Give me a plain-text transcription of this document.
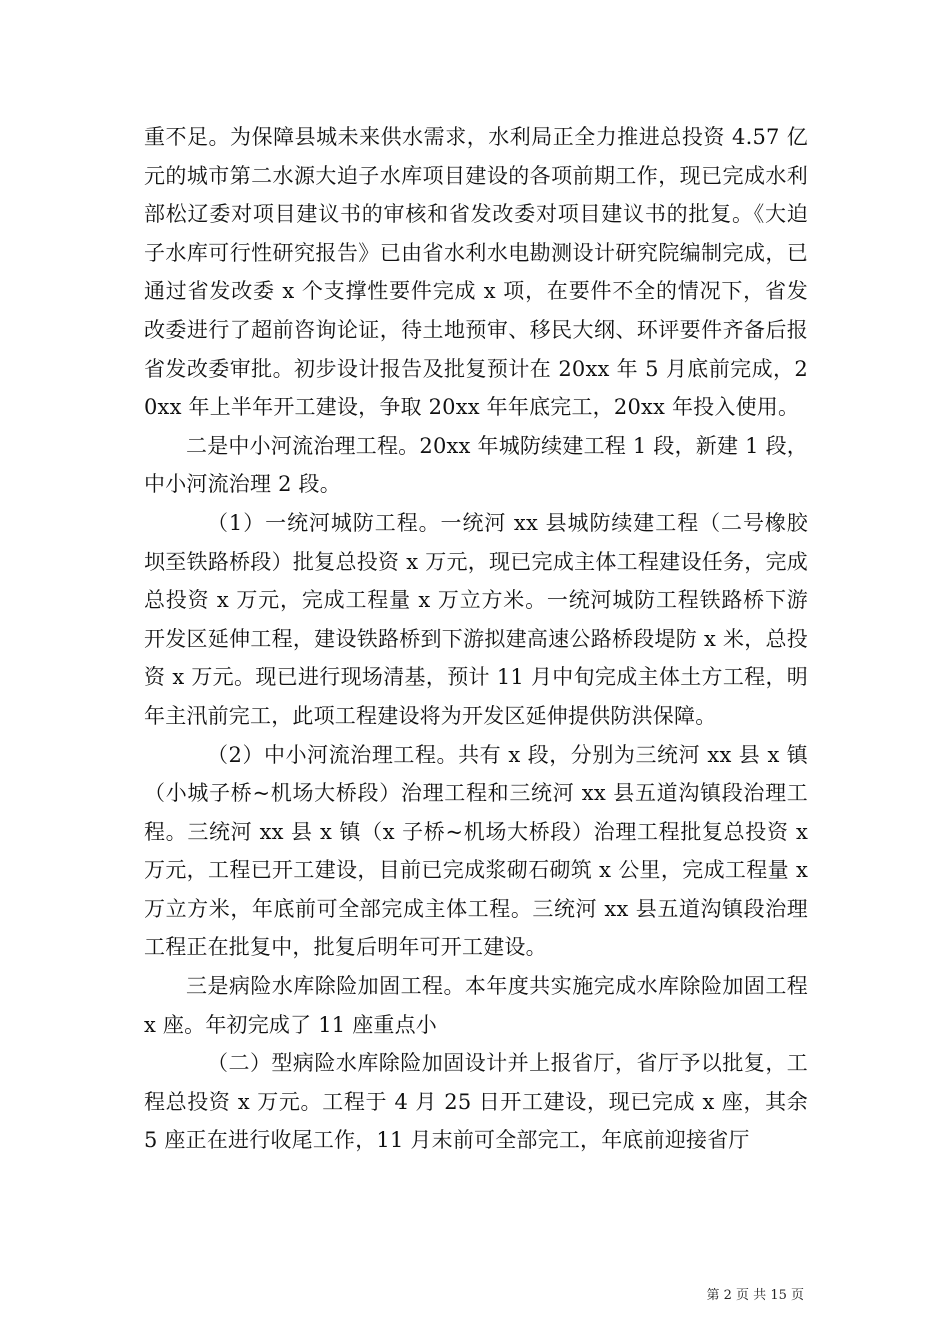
重不足。为保障县城未来供水需求，水利局正全力推进总投资 4.57 亿元的城市第二水源大迫子水库项目建设的各项前期工作，现已完成水利部松辽委对项目建议书的审核和省发改委对项目建议书的批复。《大迫子水库可行性研究报告》已由省水利水电勘测设计研究院编制完成，已通过省发改委 x 个支撑性要件完成 x 项，在要件不全的情况下，省发改委进行了超前咨询论证，待土地预审、移民大纲、环评要件齐备后报省发改委审批。初步设计报告及批复预计在 20xx 年 5 月底前完成，20xx 年上半年开工建设，争取 20xx 年年底完工，20xx 年投入使用。

二是中小河流治理工程。20xx 年城防续建工程 1 段，新建 1 段，中小河流治理 2 段。

（1）一统河城防工程。一统河 xx 县城防续建工程（二号橡胶坝至铁路桥段）批复总投资 x 万元，现已完成主体工程建设任务，完成总投资 x 万元，完成工程量 x 万立方米。一统河城防工程铁路桥下游开发区延伸工程，建设铁路桥到下游拟建高速公路桥段堤防 x 米，总投资 x 万元。现已进行现场清基，预计 11 月中旬完成主体土方工程，明年主汛前完工，此项工程建设将为开发区延伸提供防洪保障。

（2）中小河流治理工程。共有 x 段，分别为三统河 xx 县 x 镇（小城子桥~机场大桥段）治理工程和三统河 xx 县五道沟镇段治理工程。三统河 xx 县 x 镇（x 子桥~机场大桥段）治理工程批复总投资 x 万元，工程已开工建设，目前已完成浆砌石砌筑 x 公里，完成工程量 x 万立方米，年底前可全部完成主体工程。三统河 xx 县五道沟镇段治理工程正在批复中，批复后明年可开工建设。

三是病险水库除险加固工程。本年度共实施完成水库除险加固工程 x 座。年初完成了 11 座重点小

（二）型病险水库除险加固设计并上报省厅，省厅予以批复，工程总投资 x 万元。工程于 4 月 25 日开工建设，现已完成 x 座，其余 5 座正在进行收尾工作，11 月末前可全部完工，年底前迎接省厅

第 2 页 共 15 页
